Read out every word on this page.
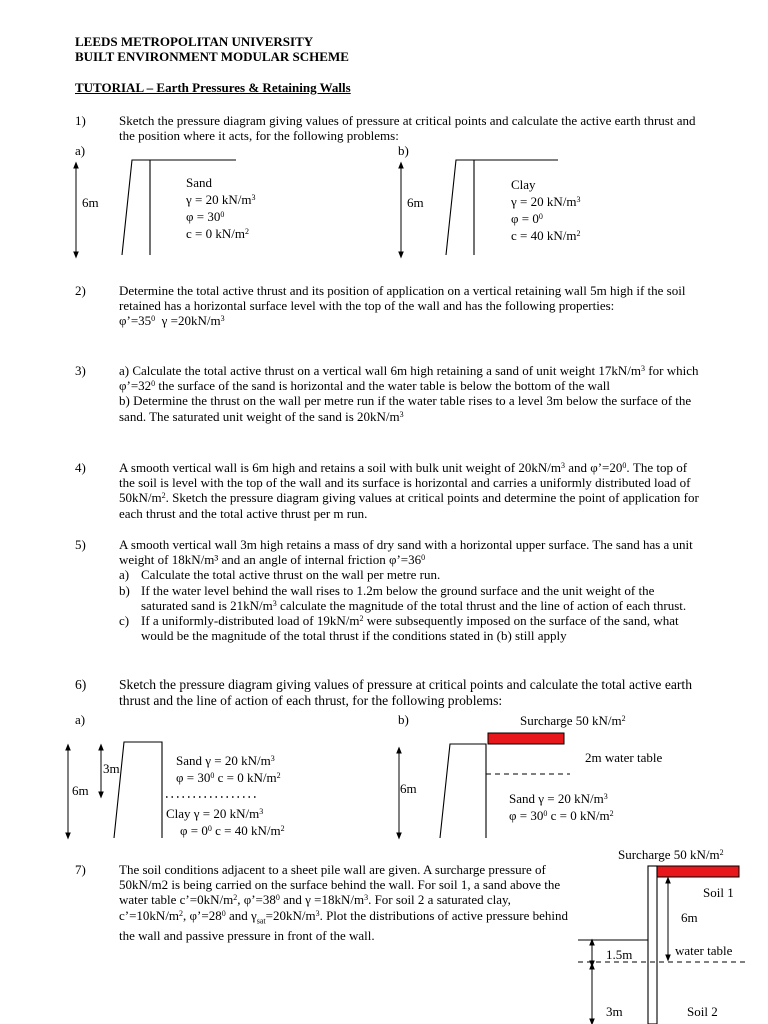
LEEDS METROPOLITAN UNIVERSITY
BUILT ENVIRONMENT MODULAR SCHEME
TUTORIAL – Earth Pressures & Retaining Walls
1)	Sketch the pressure diagram giving values of pressure at critical points and calculate the active earth thrust and the position where it acts, for the following problems:

a)	b)
6m
Sand
γ = 20 $kN/m^3$
$\varphi = 30^0$
c = 0 $kN/m^2$
6m
Clay
γ = 20 $kN/m^3$
$\varphi = 0^0$
c = 40 $kN/m^2$
2)	Determine the total active thrust and its position of application on a vertical retaining wall 5m high if the soil retained has a horizontal surface level with the top of the wall and has the following properties:

$\varphi’=35^0$ $\gamma =20kN/m^3$

3)	a) Calculate the total active thrust on a vertical wall 6m high retaining a sand of unit weight $17kN/m^3$ for which $\varphi’=32^0$ the surface of the sand is horizontal and the water table is below the bottom of the wall

b) Determine the thrust on the wall per metre run if the water table rises to a level 3m below the surface of the sand. The saturated unit weight of the sand is $20kN/m^3$

4)	A smooth vertical wall is 6m high and retains a soil with bulk unit weight of $20kN/m^3$ and $\varphi’=20^0$. The top of the soil is level with the top of the wall and its surface is horizontal and carries a uniformly distributed load of $50kN/m^2$. Sketch the pressure diagram giving values at critical points and determine the point of application for each thrust and the total active thrust per m run.

5)	A smooth vertical wall 3m high retains a mass of dry sand with a horizontal upper surface. The sand has a unit weight of 18kN/m³ and an angle of internal friction $\varphi’=36^0$

a) Calculate the total active thrust on the wall per metre run.
b) If the water level behind the wall rises to 1.2m below the ground surface and the unit weight of the saturated sand is $21kN/m^3$ calculate the magnitude of the total thrust and the line of action of each thrust.
c) If a uniformly-distributed load of $19kN/m^2$ were subsequently imposed on the surface of the sand, what would be the magnitude of the total thrust if the conditions stated in (b) still apply
6) Sketch the pressure diagram giving values of pressure at critical points and calculate the total active earth thrust and the line of action of each thrust, for the following problems:

a)	b)
6m
3m
Sand γ = 20 $kN/m^3$
$\varphi = 30^0$ c = 0 $kN/m^2$
Clay γ = 20 $kN/m^3$
$\varphi = 0^0$ c = 40 $kN/m^2$
Surcharge 50 $kN/m^2$
2m water table
6m
Sand γ = 20 $kN/m^3$
$\varphi = 30^0$ c = 0 $kN/m^2$
7)	The soil conditions adjacent to a sheet pile wall are given. A surcharge pressure of 50kN/m2 is being carried on the surface behind the wall. For soil 1, a sand above the water table $c’=0kN/m^2$, $\varphi’=38^0$ and $\gamma =18kN/m^3$. For soil 2 a saturated clay, $c’=10kN/m^2$, $\varphi’=28^0$ and $\gamma_{sat}=20kN/m^3$. Plot the distributions of active pressure behind the wall and passive pressure in front of the wall.

Surcharge 50 $kN/m^2$
Soil 1
6m
water table
1.5m
3m	Soil 2
